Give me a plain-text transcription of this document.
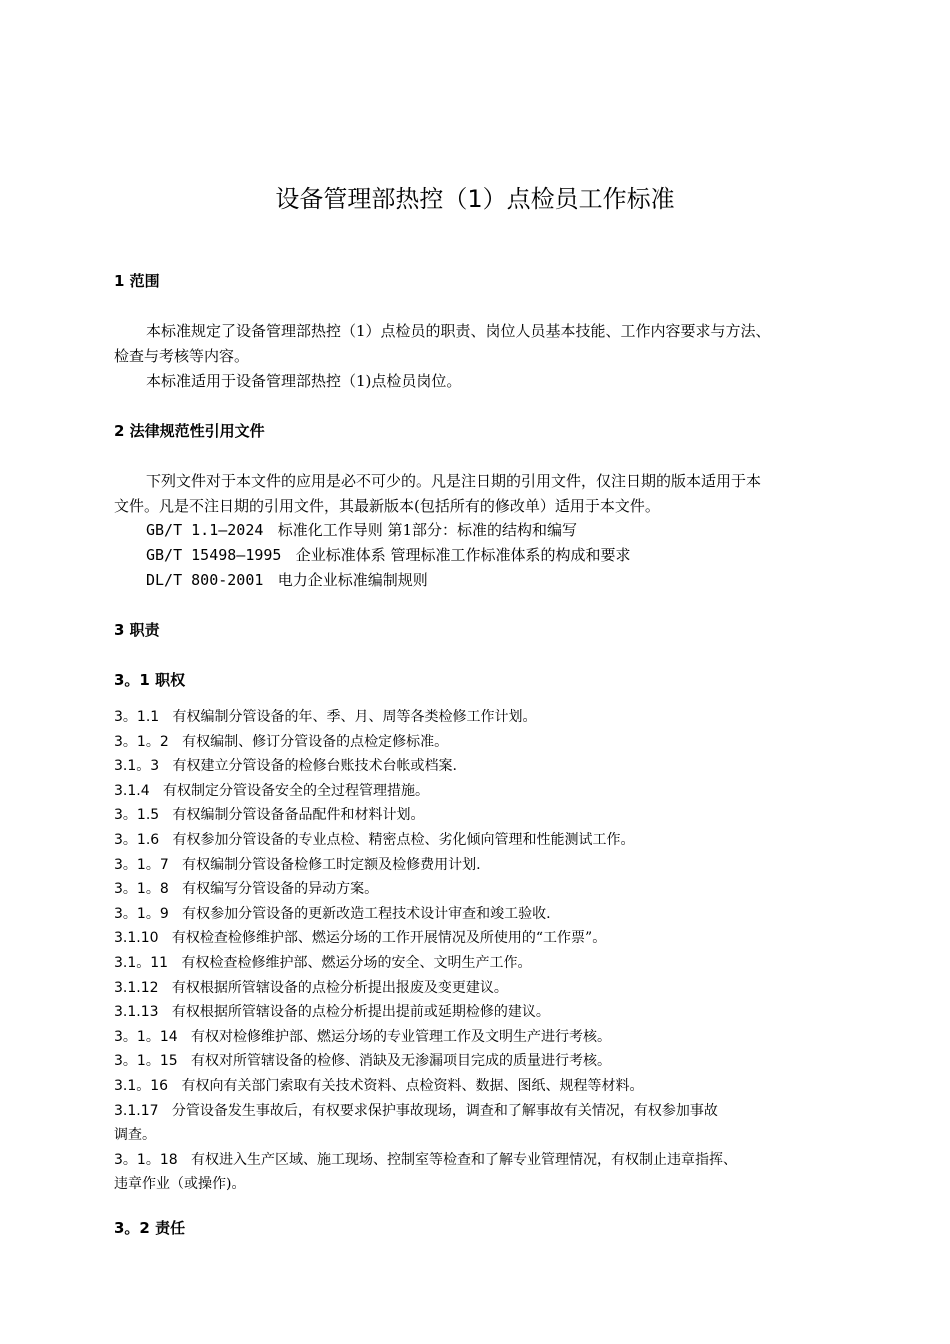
设备管理部热控（1）点检员工作标准
1 范围
本标准规定了设备管理部热控（1）点检员的职责、岗位人员基本技能、工作内容要求与方法、
检查与考核等内容。
本标准适用于设备管理部热控（1)点检员岗位。
2 法律规范性引用文件
下列文件对于本文件的应用是必不可少的。凡是注日期的引用文件，仅注日期的版本适用于本
文件。凡是不注日期的引用文件，其最新版本(包括所有的修改单）适用于本文件。
GB/T 1.1—2024 标准化工作导则 第1部分：标准的结构和编写
GB/T 15498—1995 企业标准体系 管理标准工作标准体系的构成和要求
DL/T 800-2001 电力企业标准编制规则
3 职责
3。1 职权
3。1.1 有权编制分管设备的年、季、月、周等各类检修工作计划。
3。1。2 有权编制、修订分管设备的点检定修标准。
3.1。3 有权建立分管设备的检修台账技术台帐或档案.
3.1.4 有权制定分管设备安全的全过程管理措施。
3。1.5 有权编制分管设备备品配件和材料计划。
3。1.6 有权参加分管设备的专业点检、精密点检、劣化倾向管理和性能测试工作。
3。1。7 有权编制分管设备检修工时定额及检修费用计划.
3。1。8 有权编写分管设备的异动方案。
3。1。9 有权参加分管设备的更新改造工程技术设计审查和竣工验收.
3.1.10 有权检查检修维护部、燃运分场的工作开展情况及所使用的“工作票”。
3.1。11 有权检查检修维护部、燃运分场的安全、文明生产工作。
3.1.12 有权根据所管辖设备的点检分析提出报废及变更建议。
3.1.13 有权根据所管辖设备的点检分析提出提前或延期检修的建议。
3。1。14 有权对检修维护部、燃运分场的专业管理工作及文明生产进行考核。
3。1。15 有权对所管辖设备的检修、消缺及无渗漏项目完成的质量进行考核。
3.1。16 有权向有关部门索取有关技术资料、点检资料、数据、图纸、规程等材料。
3.1.17 分管设备发生事故后，有权要求保护事故现场，调查和了解事故有关情况，有权参加事故
调查。
3。1。18 有权进入生产区域、施工现场、控制室等检查和了解专业管理情况，有权制止违章指挥、
违章作业（或操作)。
3。2 责任
